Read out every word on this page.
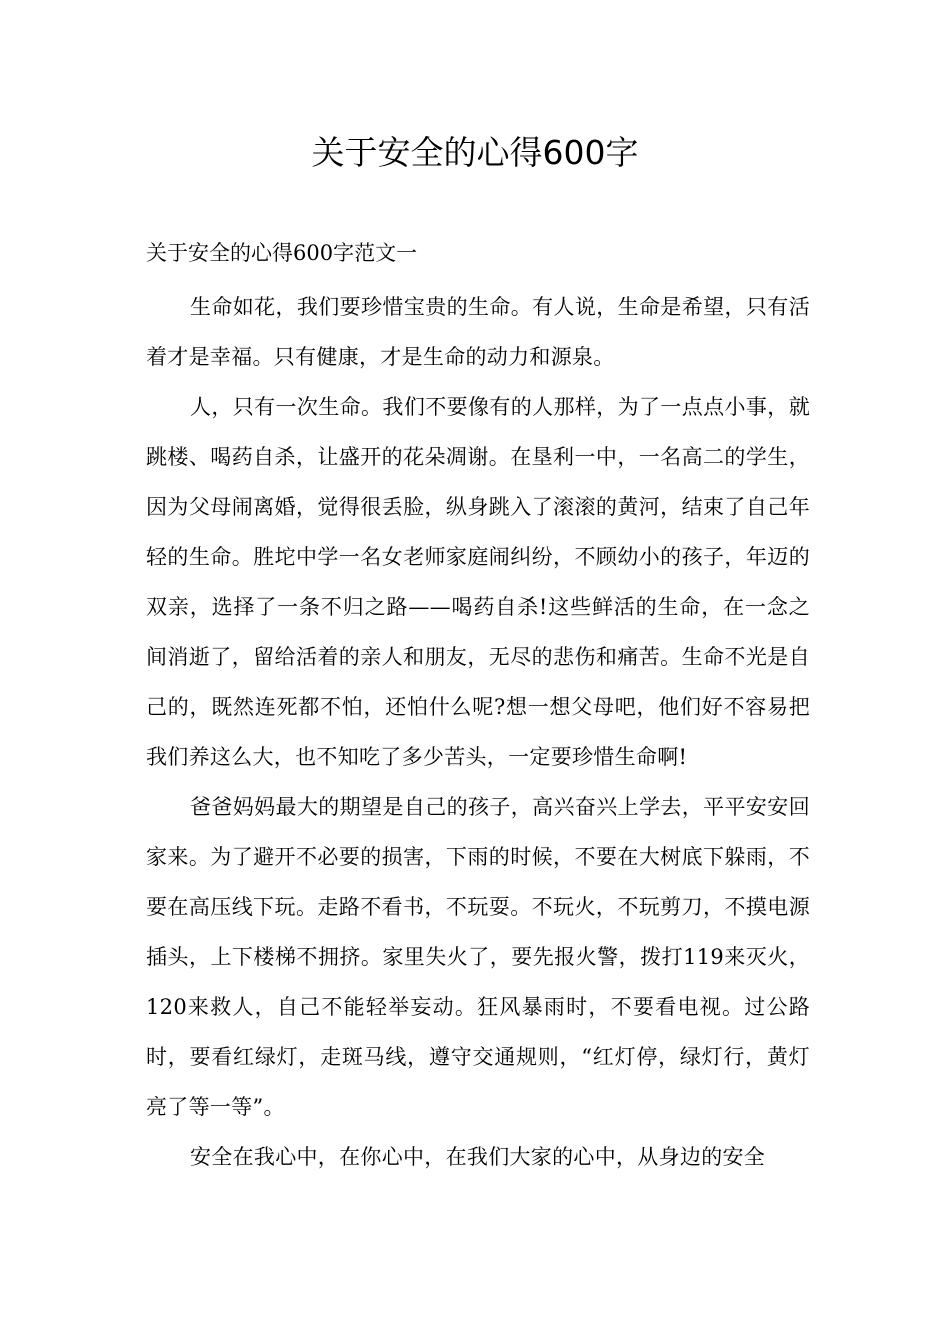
关于安全的心得600字

关于安全的心得600字范文一

生命如花，我们要珍惜宝贵的生命。有人说，生命是希望，只有活着才是幸福。只有健康，才是生命的动力和源泉。

人，只有一次生命。我们不要像有的人那样，为了一点点小事，就跳楼、喝药自杀，让盛开的花朵凋谢。在垦利一中，一名高二的学生，因为父母闹离婚，觉得很丢脸，纵身跳入了滚滚的黄河，结束了自己年轻的生命。胜坨中学一名女老师家庭闹纠纷，不顾幼小的孩子，年迈的双亲，选择了一条不归之路——喝药自杀!这些鲜活的生命，在一念之间消逝了，留给活着的亲人和朋友，无尽的悲伤和痛苦。生命不光是自己的，既然连死都不怕，还怕什么呢?想一想父母吧，他们好不容易把我们养这么大，也不知吃了多少苦头，一定要珍惜生命啊!

爸爸妈妈最大的期望是自己的孩子，高兴奋兴上学去，平平安安回家来。为了避开不必要的损害，下雨的时候，不要在大树底下躲雨，不要在高压线下玩。走路不看书，不玩耍。不玩火，不玩剪刀，不摸电源插头，上下楼梯不拥挤。家里失火了，要先报火警，拨打119来灭火，120来救人，自己不能轻举妄动。狂风暴雨时，不要看电视。过公路时，要看红绿灯，走斑马线，遵守交通规则，“红灯停，绿灯行，黄灯亮了等一等”。

安全在我心中，在你心中，在我们大家的心中，从身边的安全
